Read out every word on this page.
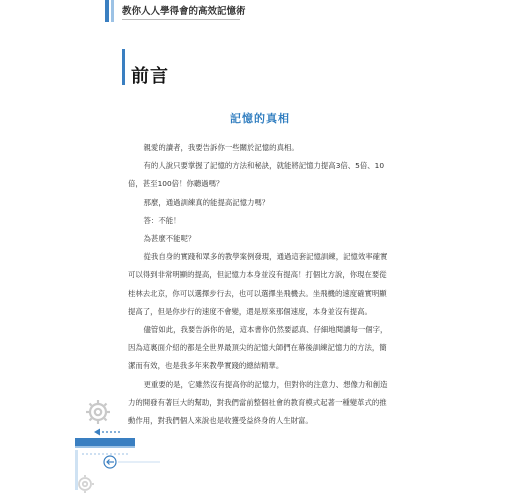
教你人人學得會的高效記憶術
前言
記憶的真相

親愛的讀者，我要告訴你一些關於記憶的真相。

有的人說只要掌握了記憶的方法和秘訣，就能將記憶力提高3倍、5倍、10倍，甚至100倍！你聽過嗎？

那麼，通過訓練真的能提高記憶力嗎？

答：不能！

為甚麼不能呢？

從我自身的實踐和眾多的教學案例發現，通過這套記憶訓練，記憶效率確實可以得到非常明顯的提高，但記憶力本身並沒有提高！打個比方說，你現在要從桂林去北京，你可以選擇步行去，也可以選擇坐飛機去。坐飛機的速度確實明顯提高了，但是你步行的速度不會變，還是原來那個速度，本身並沒有提高。

儘管如此，我要告訴你的是，這本書你仍然要認真、仔細地閱讀每一個字，因為這裏面介紹的都是全世界最頂尖的記憶大師們在幕後訓練記憶力的方法，簡潔而有效，也是我多年來教學實踐的總結精華。

更重要的是，它雖然沒有提高你的記憶力，但對你的注意力、想像力和創造力的開發有著巨大的幫助，對我們當前整個社會的教育模式起著一種變革式的推動作用，對我們個人來說也是收獲受益終身的人生財富。

2
